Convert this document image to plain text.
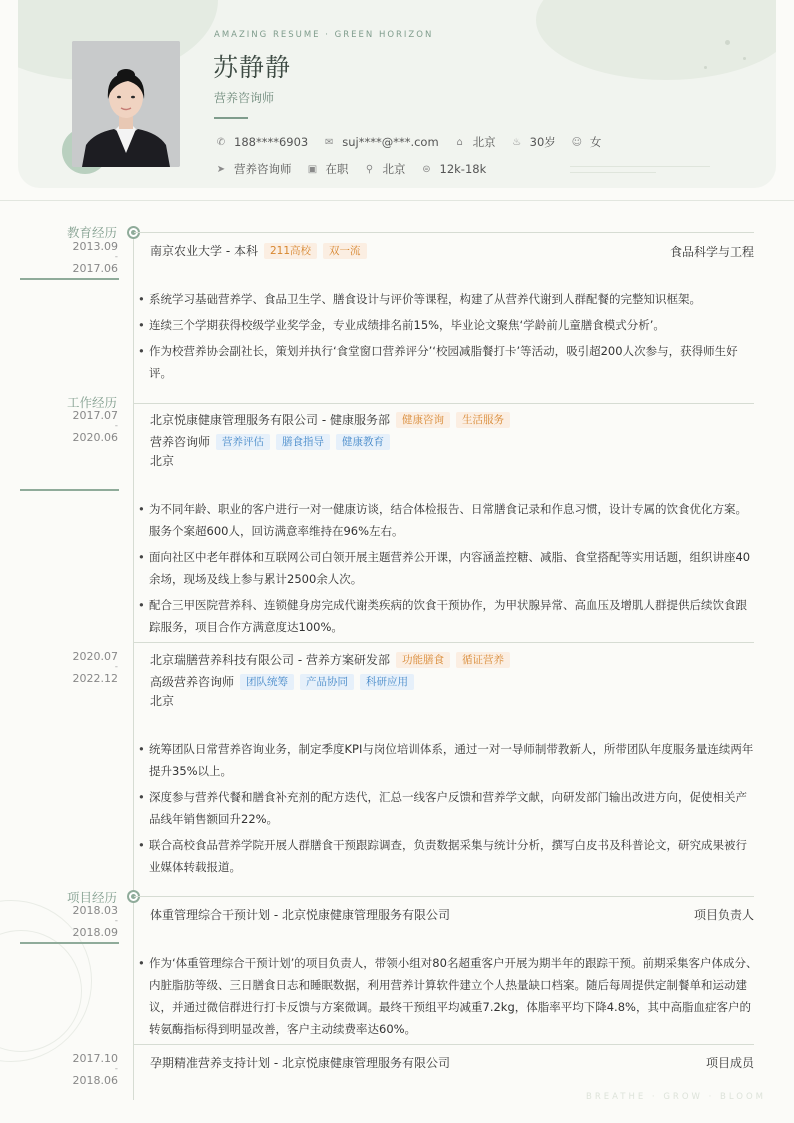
AMAZING RESUME · GREEN HORIZON
苏静静
营养咨询师
✆ 188****6903 ✉ suj****@***.com	⌂ 北京 ♨ 30岁 ☺ 女
➤ 营养咨询师 ▣ 在职	⚲ 北京 ⊜ 12k-18k
教育经历
2013.09
-
2017.06
南京农业大学 - 本科	211高校	双一流	食品科学与工程
• 系统学习基础营养学、食品卫生学、膳食设计与评价等课程，构建了从营养代谢到人群配餐的完整知识框架。
• 连续三个学期获得校级学业奖学金，专业成绩排名前15%，毕业论文聚焦‘学龄前儿童膳食模式分析’。
• 作为校营养协会副社长，策划并执行‘食堂窗口营养评分’‘校园减脂餐打卡’等活动，吸引超200人次参与，获得师生好评。
工作经历
2017.07
-
2020.06
北京悦康健康管理服务有限公司 - 健康服务部	健康咨询	生活服务
营养咨询师	营养评估	膳食指导	健康教育
北京
• 为不同年龄、职业的客户进行一对一健康访谈，结合体检报告、日常膳食记录和作息习惯，设计专属的饮食优化方案。服务个案超600人，回访满意率维持在96%左右。
• 面向社区中老年群体和互联网公司白领开展主题营养公开课，内容涵盖控糖、减脂、食堂搭配等实用话题，组织讲座40余场，现场及线上参与累计2500余人次。
• 配合三甲医院营养科、连锁健身房完成代谢类疾病的饮食干预协作，为甲状腺异常、高血压及增肌人群提供后续饮食跟踪服务，项目合作方满意度达100%。
2020.07
-
2022.12
北京瑞膳营养科技有限公司 - 营养方案研发部	功能膳食	循证营养
高级营养咨询师	团队统筹	产品协同	科研应用
北京
• 统筹团队日常营养咨询业务，制定季度KPI与岗位培训体系，通过一对一导师制带教新人，所带团队年度服务量连续两年提升35%以上。
• 深度参与营养代餐和膳食补充剂的配方迭代，汇总一线客户反馈和营养学文献，向研发部门输出改进方向，促使相关产品线年销售额回升22%。
• 联合高校食品营养学院开展人群膳食干预跟踪调查，负责数据采集与统计分析，撰写白皮书及科普论文，研究成果被行业媒体转载报道。
项目经历
2018.03
-
2018.09
体重管理综合干预计划 - 北京悦康健康管理服务有限公司	项目负责人
• 作为‘体重管理综合干预计划’的项目负责人，带领小组对80名超重客户开展为期半年的跟踪干预。前期采集客户体成分、内脏脂肪等级、三日膳食日志和睡眠数据，利用营养计算软件建立个人热量缺口档案。随后每周提供定制餐单和运动建议，并通过微信群进行打卡反馈与方案微调。最终干预组平均减重7.2kg，体脂率平均下降4.8%，其中高脂血症客户的转氨酶指标得到明显改善，客户主动续费率达60%。
2017.10
-
2018.06
孕期精准营养支持计划 - 北京悦康健康管理服务有限公司	项目成员
BREATHE · GROW · BLOOM
